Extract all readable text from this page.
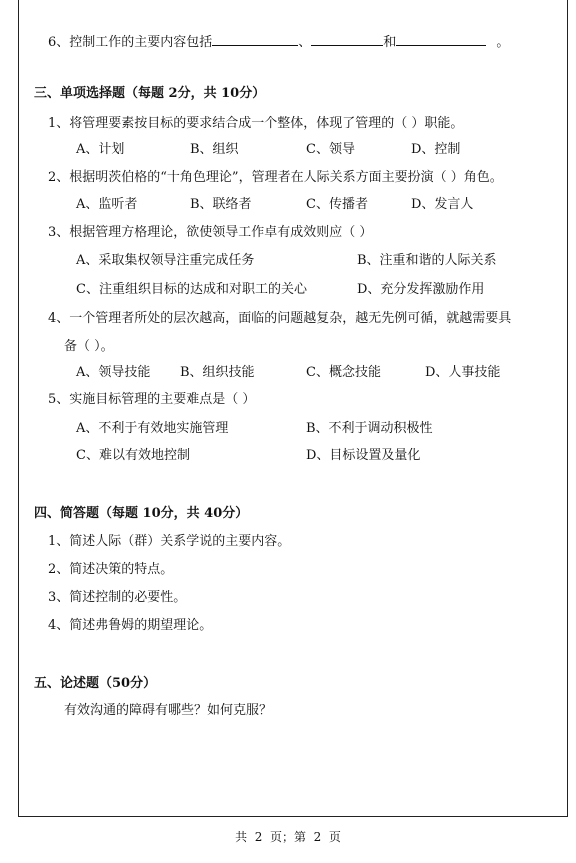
6、控制工作的主要内容包括	、	和	。
三、单项选择题（每题 2分，共 10分）
1、将管理要素按目标的要求结合成一个整体，体现了管理的（ ）职能。
A、计划	B、组织	C、领导	D、控制
2、根据明茨伯格的“十角色理论”，管理者在人际关系方面主要扮演（ ）角色。
A、监听者	B、联络者	C、传播者	D、发言人
3、根据管理方格理论，欲使领导工作卓有成效则应（ ）
A、采取集权领导注重完成任务	B、注重和谐的人际关系
C、注重组织目标的达成和对职工的关心	D、充分发挥激励作用
4、一个管理者所处的层次越高，面临的问题越复杂，越无先例可循，就越需要具
备（ ）。
A、领导技能 B、组织技能	C、概念技能	D、人事技能
5、实施目标管理的主要难点是（ ）
A、不利于有效地实施管理	B、不利于调动积极性
C、难以有效地控制	D、目标设置及量化
四、简答题（每题 10分，共 40分）
1、简述人际（群）关系学说的主要内容。
2、简述决策的特点。
3、简述控制的必要性。
4、简述弗鲁姆的期望理论。
五、论述题（50分）
有效沟通的障碍有哪些？如何克服？
共  2  页；第  2  页
